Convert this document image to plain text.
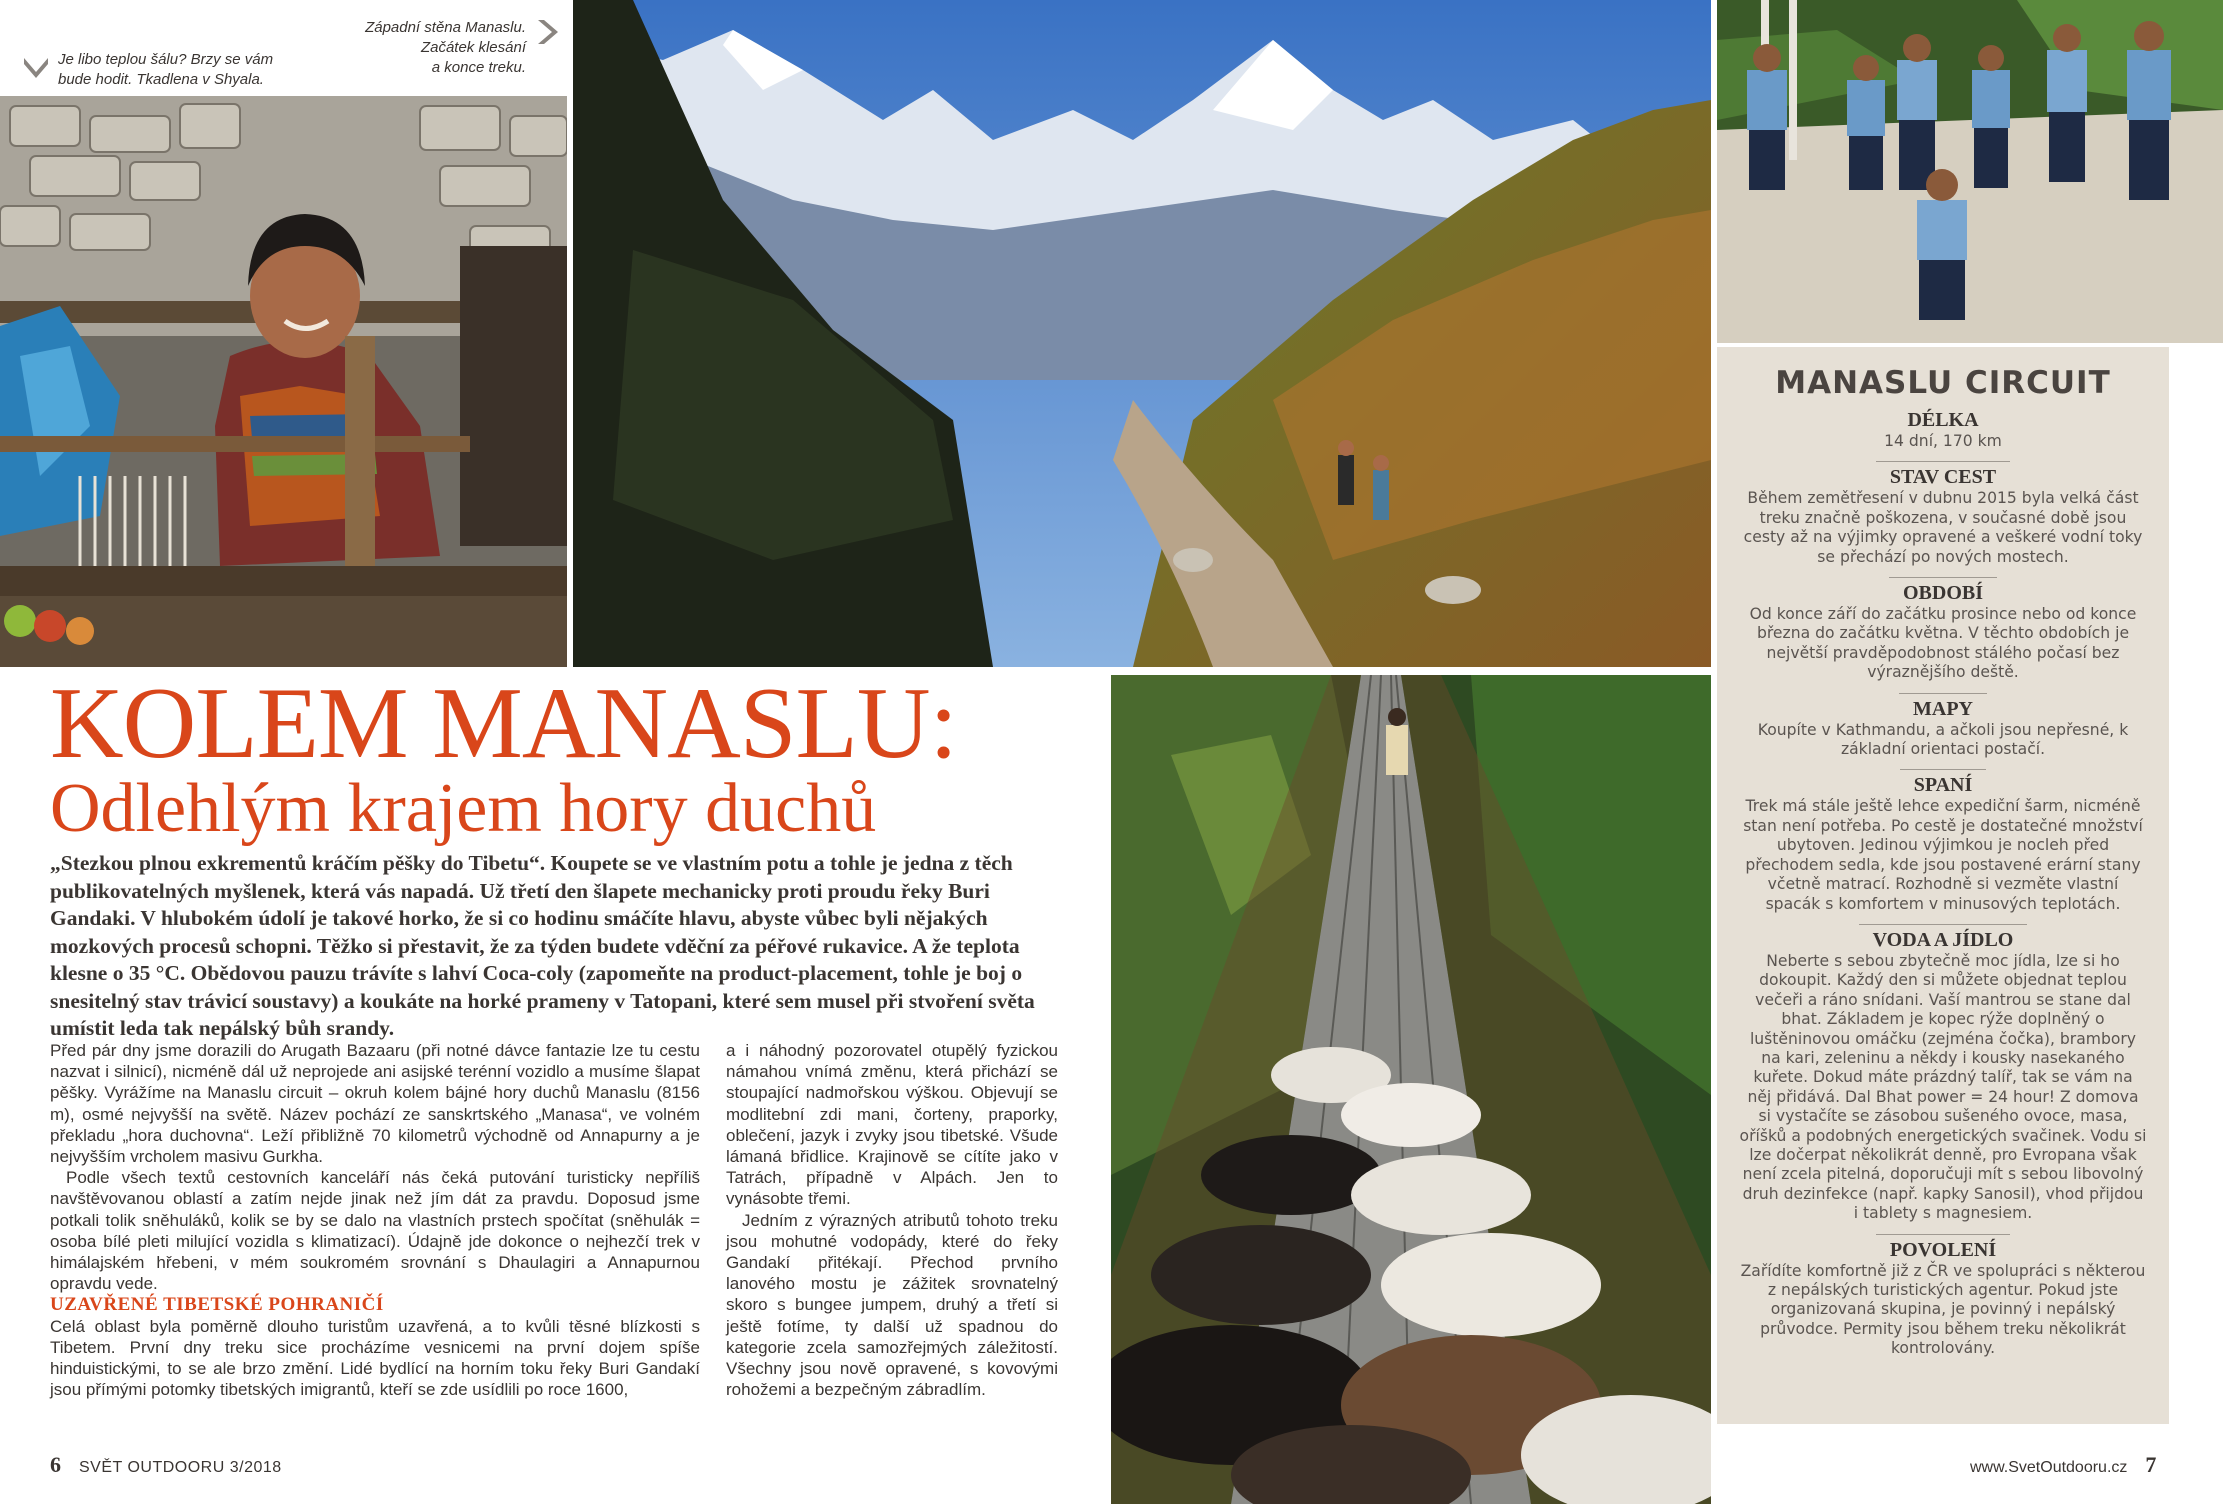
Je libo teplou šálu? Brzy se vám bude hodit. Tkadlena v Shyala.
Západní stěna Manaslu.
Začátek klesání
a konce treku.
KOLEM MANASLU:
Odlehlým krajem hory duchů
„Stezkou plnou exkrementů kráčím pěšky do Tibetu“. Koupete se ve vlastním potu a tohle je jedna z těch publikovatelných myšlenek, která vás napadá. Už třetí den šlapete mechanicky proti proudu řeky Buri Gandaki. V hlubokém údolí je takové horko, že si co hodinu smáčíte hlavu, abyste vůbec byli nějakých mozkových procesů schopni. Těžko si přestavit, že za týden budete vděční za péřové rukavice. A že teplota klesne o 35 °C. Obědovou pauzu trávíte s lahví Coca-coly (zapomeňte na product-placement, tohle je boj o snesitelný stav trávicí soustavy) a koukáte na horké prameny v Tatopani, které sem musel při stvoření světa umístit leda tak nepálský bůh srandy.

Před pár dny jsme dorazili do Arugath Bazaaru (při notné dávce fantazie lze tu cestu nazvat i silnicí), nicméně dál už neprojede ani asijské terénní vozidlo a musíme šlapat pěšky. Vyrážíme na Manaslu circuit – okruh kolem bájné hory duchů Manaslu (8156 m), osmé nejvyšší na světě. Název pochází ze sanskrtského „Manasa“, ve volném překladu „hora duchovna“. Leží přibližně 70 kilometrů východně od Annapurny a je nejvyšším vrcholem masivu Gurkha.

Podle všech textů cestovních kanceláří nás čeká putování turisticky nepříliš navštěvovanou oblastí a zatím nejde jinak než jím dát za pravdu. Doposud jsme potkali tolik sněhuláků, kolik se by se dalo na vlastních prstech spočítat (sněhulák = osoba bílé pleti milující vozidla s klimatizací). Údajně jde dokonce o nejhezčí trek v himálajském hřebeni, v mém soukromém srovnání s Dhaulagiri a Annapurnou opravdu vede.

UZAVŘENÉ TIBETSKÉ POHRANIČÍ

Celá oblast byla poměrně dlouho turistům uzavřená, a to kvůli těsné blízkosti s Tibetem. První dny treku sice procházíme vesnicemi na první dojem spíše hinduistickými, to se ale brzo změní. Lidé bydlící na horním toku řeky Buri Gandakí jsou přímými potomky tibetských imigrantů, kteří se zde usídlili po roce 1600,

a i náhodný pozorovatel otupělý fyzickou námahou vnímá změnu, která přichází se stoupající nadmořskou výškou. Objevují se modlitební zdi mani, čorteny, praporky, oblečení, jazyk i zvyky jsou tibetské. Všude lámaná břidlice. Krajinově se cítíte jako v Tatrách, případně v Alpách. Jen to vynásobte třemi.

Jedním z výrazných atributů tohoto treku jsou mohutné vodopády, které do řeky Gandakí přitékají. Přechod prvního lanového mostu je zážitek srovnatelný skoro s bungee jumpem, druhý a třetí si ještě fotíme, ty další už spadnou do kategorie zcela samozřejmých záležitostí. Všechny jsou nově opravené, s kovovými rohožemi a bezpečným zábradlím.

MANASLU CIRCUIT
DÉLKA
14 dní, 170 km
STAV CEST
Během zemětřesení v dubnu 2015 byla velká část treku značně poškozena, v současné době jsou cesty až na výjimky opravené a veškeré vodní toky se přechází po nových mostech.
OBDOBÍ
Od konce září do začátku prosince nebo od konce března do začátku května. V těchto obdobích je největší pravděpodobnost stálého počasí bez výraznějšího deště.
MAPY
Koupíte v Kathmandu, a ačkoli jsou nepřesné, k základní orientaci postačí.
SPANÍ
Trek má stále ještě lehce expediční šarm, nicméně stan není potřeba. Po cestě je dostatečné množství ubytoven. Jedinou výjimkou je nocleh před přechodem sedla, kde jsou postavené erární stany včetně matrací. Rozhodně si vezměte vlastní spacák s komfortem v minusových teplotách.
VODA A JÍDLO
Neberte s sebou zbytečně moc jídla, lze si ho dokoupit. Každý den si můžete objednat teplou večeři a ráno snídani. Vaší mantrou se stane dal bhat. Základem je kopec rýže doplněný o luštěninovou omáčku (zejména čočka), brambory na kari, zeleninu a někdy i kousky nasekaného kuřete. Dokud máte prázdný talíř, tak se vám na něj přidává. Dal Bhat power = 24 hour! Z domova si vystačíte se zásobou sušeného ovoce, masa, oříšků a podobných energetických svačinek. Vodu si lze dočerpat několikrát denně, pro Evropana však není zcela pitelná, doporučuji mít s sebou libovolný druh dezinfekce (např. kapky Sanosil), vhod přijdou i tablety s magnesiem.
POVOLENÍ
Zařídíte komfortně již z ČR ve spolupráci s některou z nepálských turistických agentur. Pokud jste organizovaná skupina, je povinný i nepálský průvodce. Permity jsou během treku několikrát kontrolovány.
6 SVĚT OUTDOORU 3/2018	www.SvetOutdooru.cz 7
